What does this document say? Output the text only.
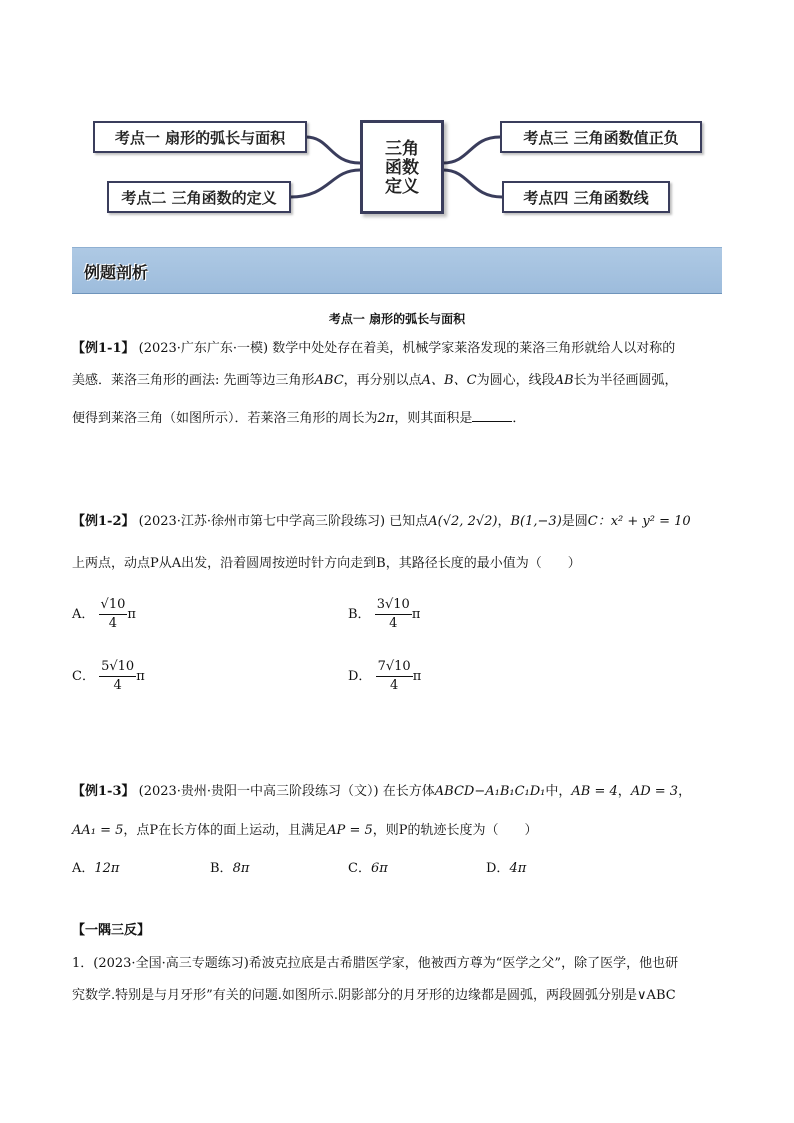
考点一 扇形的弧长与面积
考点二 三角函数的定义
考点三 三角函数值正负
考点四 三角函数线
三角
函数
定义
例题剖析
考点一 扇形的弧长与面积
【例1-1】 (2023·广东广东·一模) 数学中处处存在着美，机械学家莱洛发现的莱洛三角形就给人以对称的
美感．莱洛三角形的画法: 先画等边三角形ABC，再分别以点A、B、C为圆心，线段AB长为半径画圆弧，
便得到莱洛三角（如图所示）．若莱洛三角形的周长为2π，则其面积是	．
【例1-2】 (2023·江苏·徐州市第七中学高三阶段练习) 已知点A(√2, 2√2)，B(1,−3)是圆C：x² + y² = 10
上两点，动点P从A出发，沿着圆周按逆时针方向走到B，其路径长度的最小值为（　　）
A． $\frac{√10}{4}$ π	B． $\frac{3√10}{4}$ π
C． $\frac{5√10}{4}$ π	D． $\frac{7√10}{4}$ π
【例1-3】 (2023·贵州·贵阳一中高三阶段练习（文）) 在长方体ABCD−A₁B₁C₁D₁中，AB = 4，AD = 3，
AA₁ = 5，点P在长方体的面上运动，且满足AP = 5，则P的轨迹长度为（　　）
A．12π	B．8π	C．6π	D．4π
【一隅三反】
1．(2023·全国·高三专题练习)希波克拉底是古希腊医学家，他被西方尊为“医学之父”，除了医学，他也研
究数学.特别是与月牙形”有关的问题.如图所示.阴影部分的月牙形的边缘都是圆弧，两段圆弧分别是∨ABC
